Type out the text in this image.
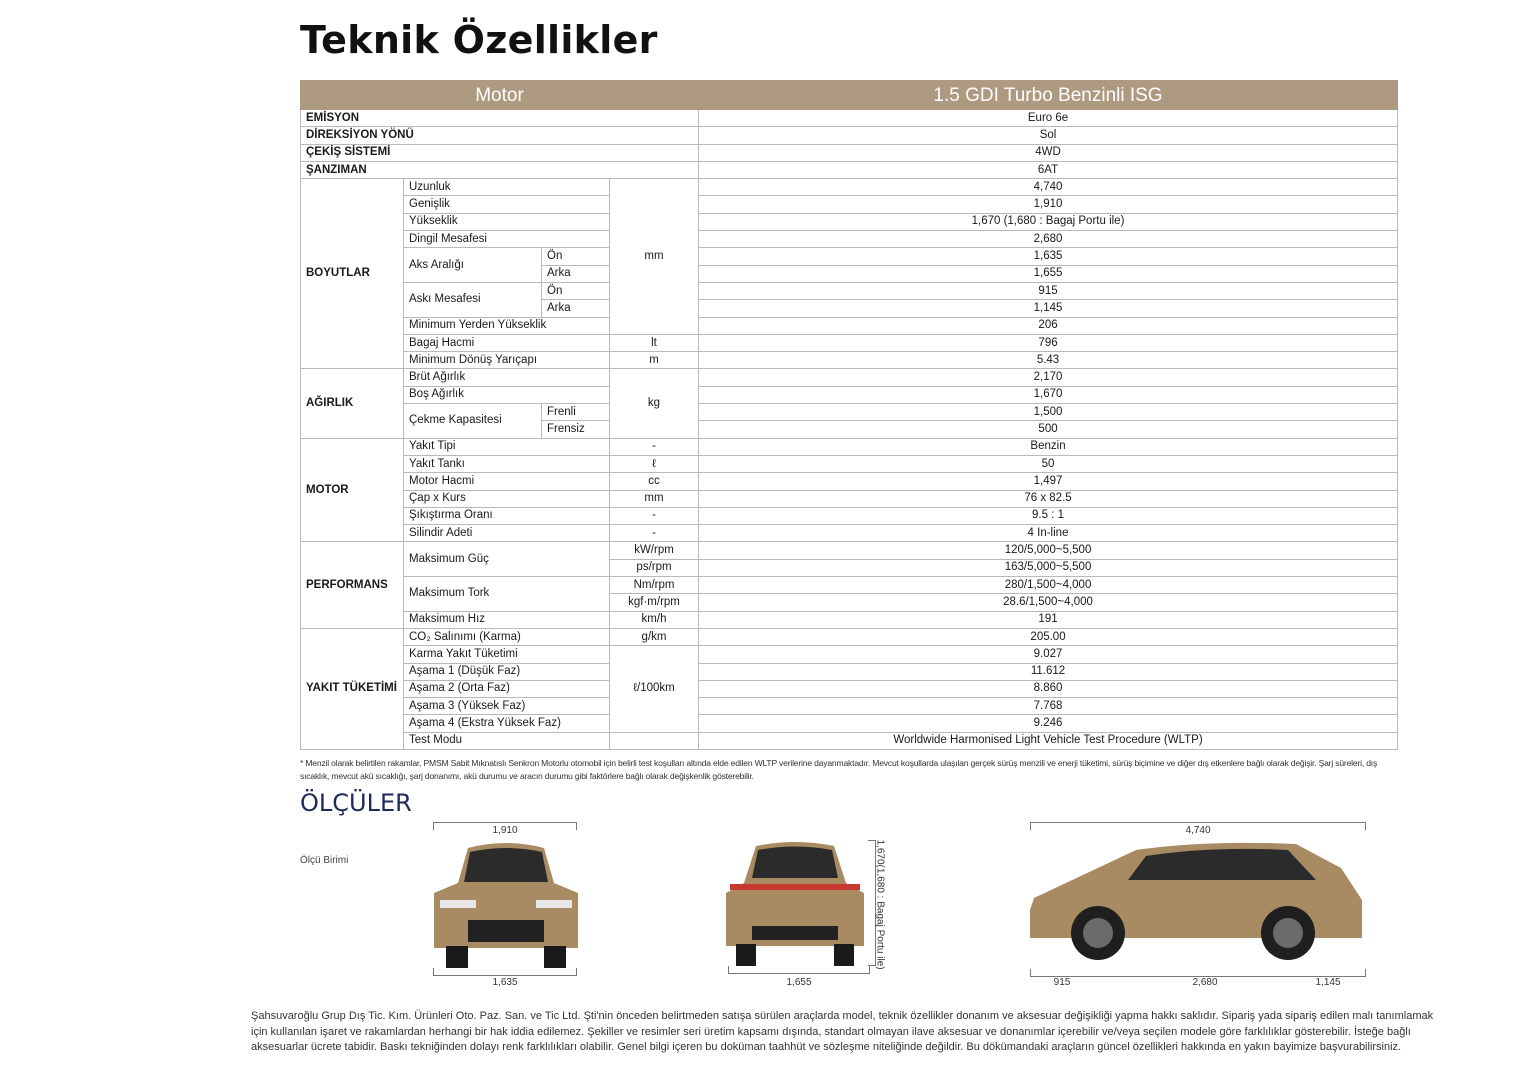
Teknik Özellikler
Motor				1.5 GDI Turbo Benzinli ISG
EMİSYON				Euro 6e
DİREKSİYON YÖNÜ				Sol
ÇEKİŞ SİSTEMİ				4WD
ŞANZIMAN				6AT
BOYUTLAR	Uzunluk		mm	4,740
	Genişlik			1,910
	Yükseklik			1,670 (1,680 : Bagaj Portu ile)
	Dingil Mesafesi			2,680
	Aks Aralığı	Ön		1,635
		Arka		1,655
	Askı Mesafesi	Ön		915
		Arka		1,145
	Minimum Yerden Yükseklik			206
	Bagaj Hacmi		lt	796
	Minimum Dönüş Yarıçapı		m	5.43
AĞIRLIK	Brüt Ağırlık		kg	2,170
	Boş Ağırlık			1,670
	Çekme Kapasitesi	Frenli		1,500
		Frensiz		500
MOTOR	Yakıt Tipi		-	Benzin
	Yakıt Tankı		ℓ	50
	Motor Hacmi		cc	1,497
	Çap x Kurs		mm	76 x 82.5
	Şıkıştırma Oranı		-	9.5 : 1
	Silindir Adeti		-	4 In-line
PERFORMANS	Maksimum Güç		kW/rpm	120/5,000~5,500
			ps/rpm	163/5,000~5,500
	Maksimum Tork		Nm/rpm	280/1,500~4,000
			kgf·m/rpm	28.6/1,500~4,000
	Maksimum Hız		km/h	191
YAKIT TÜKETİMİ	CO₂ Salınımı (Karma)		g/km	205.00
	Karma Yakıt Tüketimi		ℓ/100km	9.027
	Aşama 1 (Düşük Faz)			11.612
	Aşama 2 (Orta Faz)			8.860
	Aşama 3 (Yüksek Faz)			7.768
	Aşama 4 (Ekstra Yüksek Faz)			9.246
	Test Modu			Worldwide Harmonised Light Vehicle Test Procedure (WLTP)
* Menzil olarak belirtilen rakamlar, PMSM Sabit Mıknatıslı Senkron Motorlu otomobil için belirli test koşulları altında elde edilen WLTP verilerine dayanmaktadır. Mevcut koşullarda ulaşılan gerçek sürüş menzili ve enerji tüketimi, sürüş biçimine ve diğer dış etkenlere bağlı olarak değişir. Şarj süreleri, dış sıcaklık, mevcut akü sıcaklığı, şarj donanımı, akü durumu ve aracın durumu gibi faktörlere bağlı olarak değişkenlik gösterebilir.
ÖLÇÜLER
Ölçü Birimi
1,910
1,635
1,670(1,680 : Bagaj Portu ile)
1,655
4,740
915	2,680	1,145
Şahsuvaroğlu Grup Dış Tic. Kım. Ürünleri Oto. Paz. San. ve Tic Ltd. Şti'nin önceden belirtmeden satışa sürülen araçlarda model, teknik özellikler donanım ve aksesuar değişikliği yapma hakkı saklıdır. Sipariş yada sipariş edilen malı tanımlamak için kullanılan işaret ve rakamlardan herhangi bir hak iddia edilemez. Şekiller ve resimler seri üretim kapsamı dışında, standart olmayan ilave aksesuar ve donanımlar içerebilir ve/veya seçilen modele göre farklılıklar gösterebilir. İsteğe bağlı aksesuarlar ücrete tabidir. Baskı tekniğinden dolayı renk farklılıkları olabilir. Genel bilgi içeren bu doküman taahhüt ve sözleşme niteliğinde değildir. Bu dökümandaki araçların güncel özellikleri hakkında en yakın bayimize başvurabilirsiniz.
